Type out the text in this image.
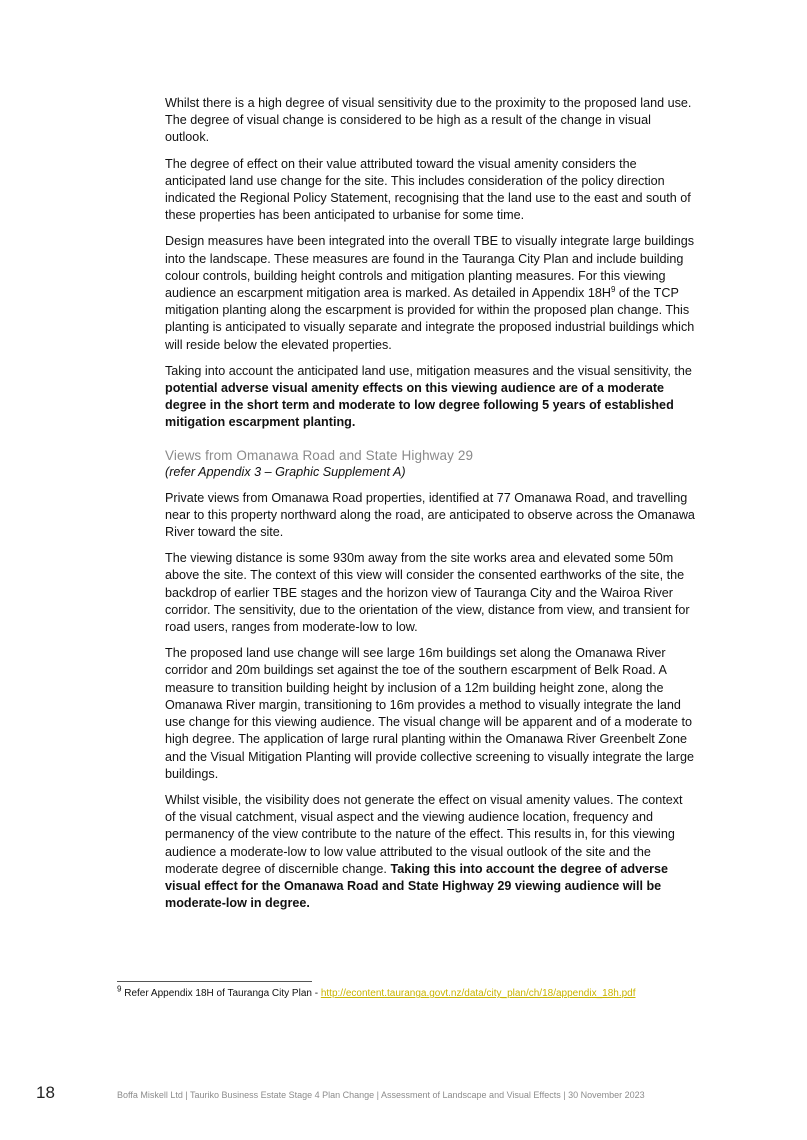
Whilst there is a high degree of visual sensitivity due to the proximity to the proposed land use. The degree of visual change is considered to be high as a result of the change in visual outlook.

The degree of effect on their value attributed toward the visual amenity considers the anticipated land use change for the site. This includes consideration of the policy direction indicated the Regional Policy Statement, recognising that the land use to the east and south of these properties has been anticipated to urbanise for some time.

Design measures have been integrated into the overall TBE to visually integrate large buildings into the landscape. These measures are found in the Tauranga City Plan and include building colour controls, building height controls and mitigation planting measures. For this viewing audience an escarpment mitigation area is marked. As detailed in Appendix $18H^9$ of the TCP mitigation planting along the escarpment is provided for within the proposed plan change. This planting is anticipated to visually separate and integrate the proposed industrial buildings which will reside below the elevated properties.

Taking into account the anticipated land use, mitigation measures and the visual sensitivity, the potential adverse visual amenity effects on this viewing audience are of a moderate degree in the short term and moderate to low degree following 5 years of established mitigation escarpment planting.

Views from Omanawa Road and State Highway 29
(refer Appendix 3 – Graphic Supplement A)

Private views from Omanawa Road properties, identified at 77 Omanawa Road, and travelling near to this property northward along the road, are anticipated to observe across the Omanawa River toward the site.

The viewing distance is some 930m away from the site works area and elevated some 50m above the site. The context of this view will consider the consented earthworks of the site, the backdrop of earlier TBE stages and the horizon view of Tauranga City and the Wairoa River corridor. The sensitivity, due to the orientation of the view, distance from view, and transient for road users, ranges from moderate-low to low.

The proposed land use change will see large 16m buildings set along the Omanawa River corridor and 20m buildings set against the toe of the southern escarpment of Belk Road. A measure to transition building height by inclusion of a 12m building height zone, along the Omanawa River margin, transitioning to 16m provides a method to visually integrate the land use change for this viewing audience. The visual change will be apparent and of a moderate to high degree. The application of large rural planting within the Omanawa River Greenbelt Zone and the Visual Mitigation Planting will provide collective screening to visually integrate the large buildings.

Whilst visible, the visibility does not generate the effect on visual amenity values. The context of the visual catchment, visual aspect and the viewing audience location, frequency and permanency of the view contribute to the nature of the effect. This results in, for this viewing audience a moderate-low to low value attributed to the visual outlook of the site and the moderate degree of discernible change. Taking this into account the degree of adverse visual effect for the Omanawa Road and State Highway 29 viewing audience will be moderate-low in degree.

$^9$ Refer Appendix 18H of Tauranga City Plan - http://econtent.tauranga.govt.nz/data/city_plan/ch/18/appendix_18h.pdf
18	Boffa Miskell Ltd | Tauriko Business Estate Stage 4 Plan Change | Assessment of Landscape and Visual Effects | 30 November 2023
